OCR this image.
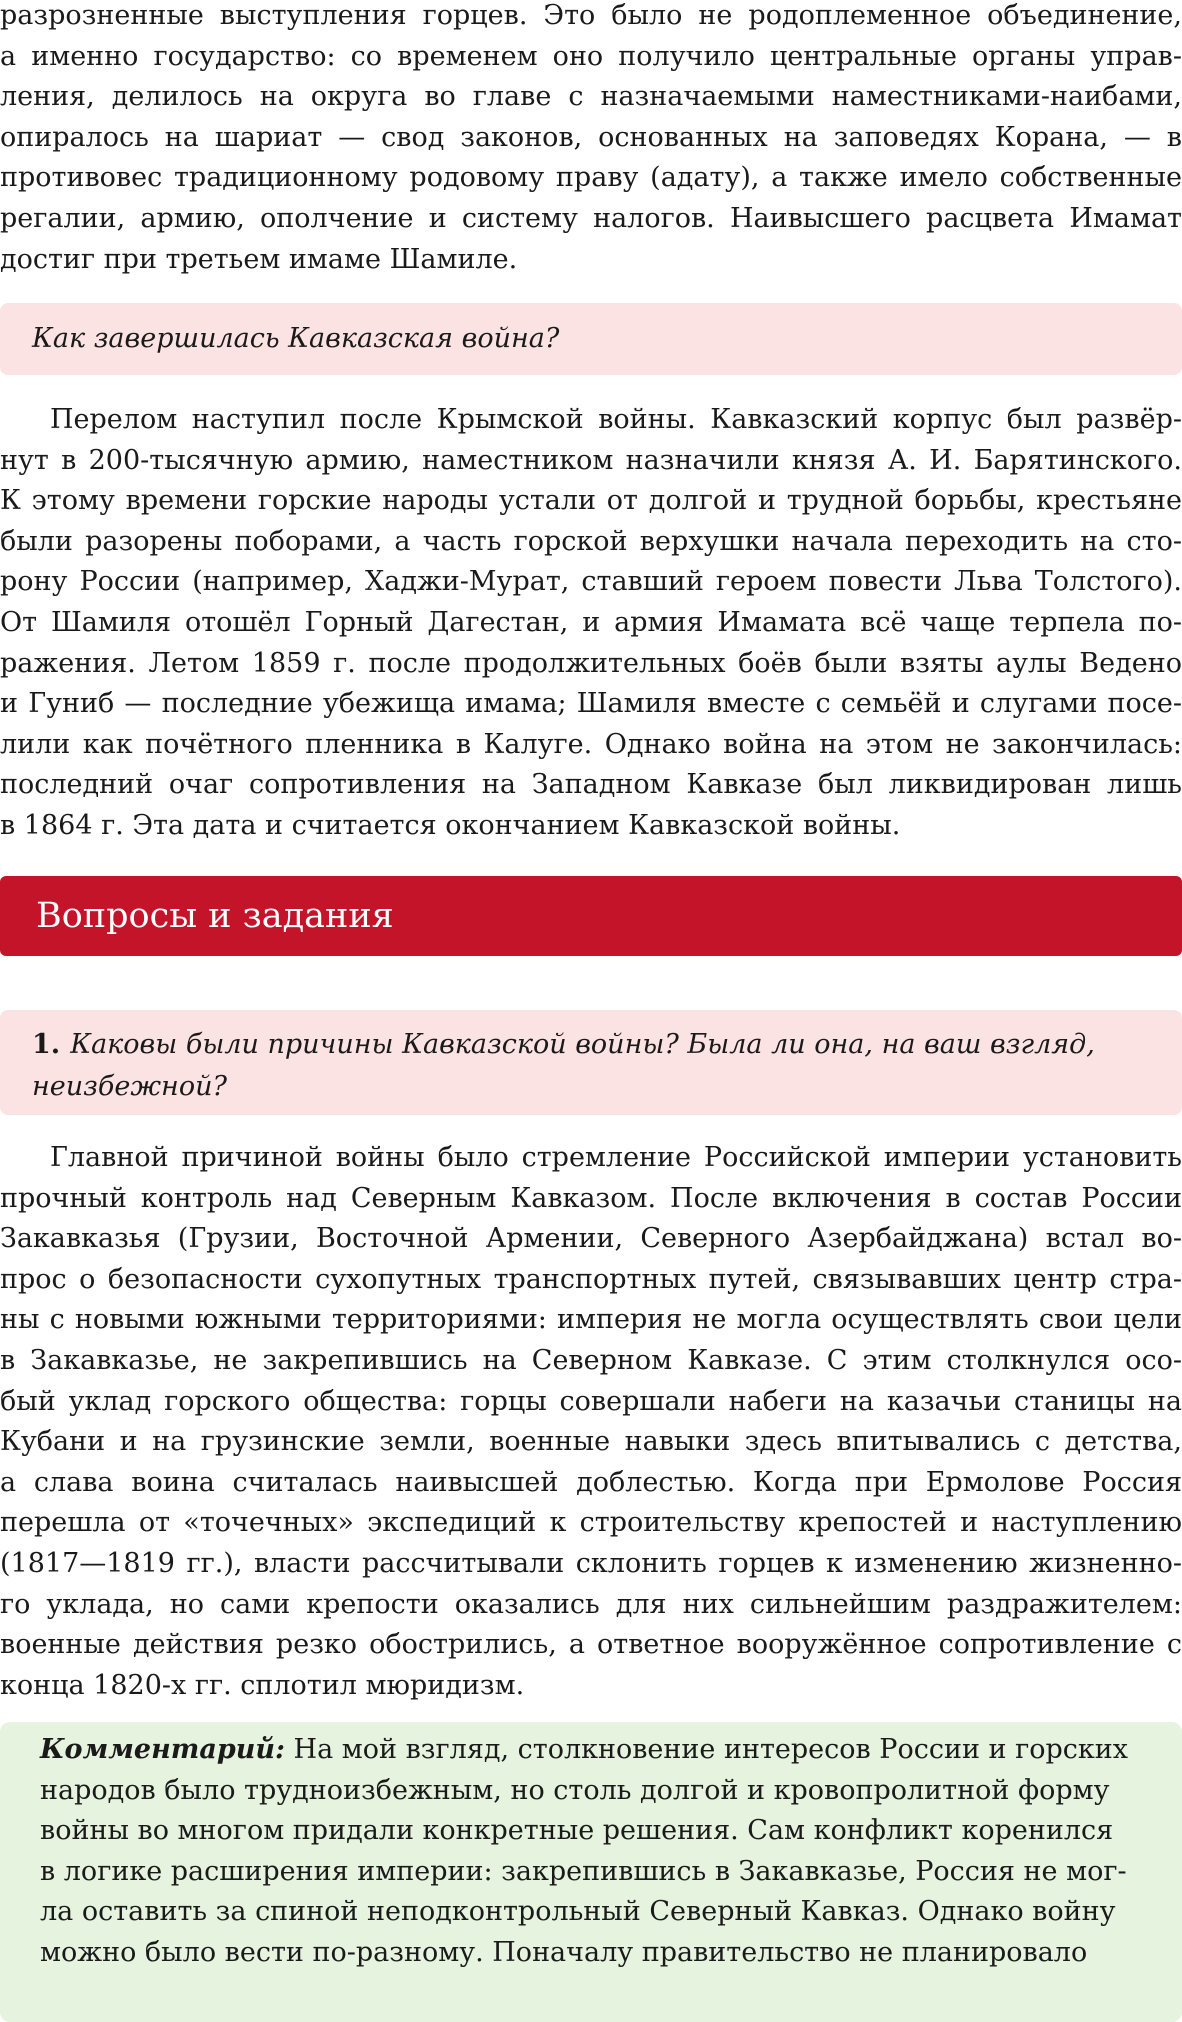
разрозненные выступления горцев. Это было не родоплеменное объединение,
а именно государство: со временем оно получило центральные органы управ-
ления, делилось на округа во главе с назначаемыми наместниками-наибами,
опиралось на шариат — свод законов, основанных на заповедях Корана, — в
противовес традиционному родовому праву (адату), а также имело собственные
регалии, армию, ополчение и систему налогов. Наивысшего расцвета Имамат
достиг при третьем имаме Шамиле.
Как завершилась Кавказская война?
Перелом наступил после Крымской войны. Кавказский корпус был развёр-
нут в 200-тысячную армию, наместником назначили князя А. И. Барятинского.
К этому времени горские народы устали от долгой и трудной борьбы, крестьяне
были разорены поборами, а часть горской верхушки начала переходить на сто-
рону России (например, Хаджи-Мурат, ставший героем повести Льва Толстого).
От Шамиля отошёл Горный Дагестан, и армия Имамата всё чаще терпела по-
ражения. Летом 1859 г. после продолжительных боёв были взяты аулы Ведено
и Гуниб — последние убежища имама; Шамиля вместе с семьёй и слугами посе-
лили как почётного пленника в Калуге. Однако война на этом не закончилась:
последний очаг сопротивления на Западном Кавказе был ликвидирован лишь
в 1864 г. Эта дата и считается окончанием Кавказской войны.
Вопросы и задания
1. Каковы были причины Кавказской войны? Была ли она, на ваш взгляд,
неизбежной?
Главной причиной войны было стремление Российской империи установить
прочный контроль над Северным Кавказом. После включения в состав России
Закавказья (Грузии, Восточной Армении, Северного Азербайджана) встал во-
прос о безопасности сухопутных транспортных путей, связывавших центр стра-
ны с новыми южными территориями: империя не могла осуществлять свои цели
в Закавказье, не закрепившись на Северном Кавказе. С этим столкнулся осо-
бый уклад горского общества: горцы совершали набеги на казачьи станицы на
Кубани и на грузинские земли, военные навыки здесь впитывались с детства,
а слава воина считалась наивысшей доблестью. Когда при Ермолове Россия
перешла от «точечных» экспедиций к строительству крепостей и наступлению
(1817—1819 гг.), власти рассчитывали склонить горцев к изменению жизненно-
го уклада, но сами крепости оказались для них сильнейшим раздражителем:
военные действия резко обострились, а ответное вооружённое сопротивление с
конца 1820-х гг. сплотил мюридизм.
Комментарий: На мой взгляд, столкновение интересов России и горских
народов было трудноизбежным, но столь долгой и кровопролитной форму
войны во многом придали конкретные решения. Сам конфликт коренился
в логике расширения империи: закрепившись в Закавказье, Россия не мог-
ла оставить за спиной неподконтрольный Северный Кавказ. Однако войну
можно было вести по-разному. Поначалу правительство не планировало
